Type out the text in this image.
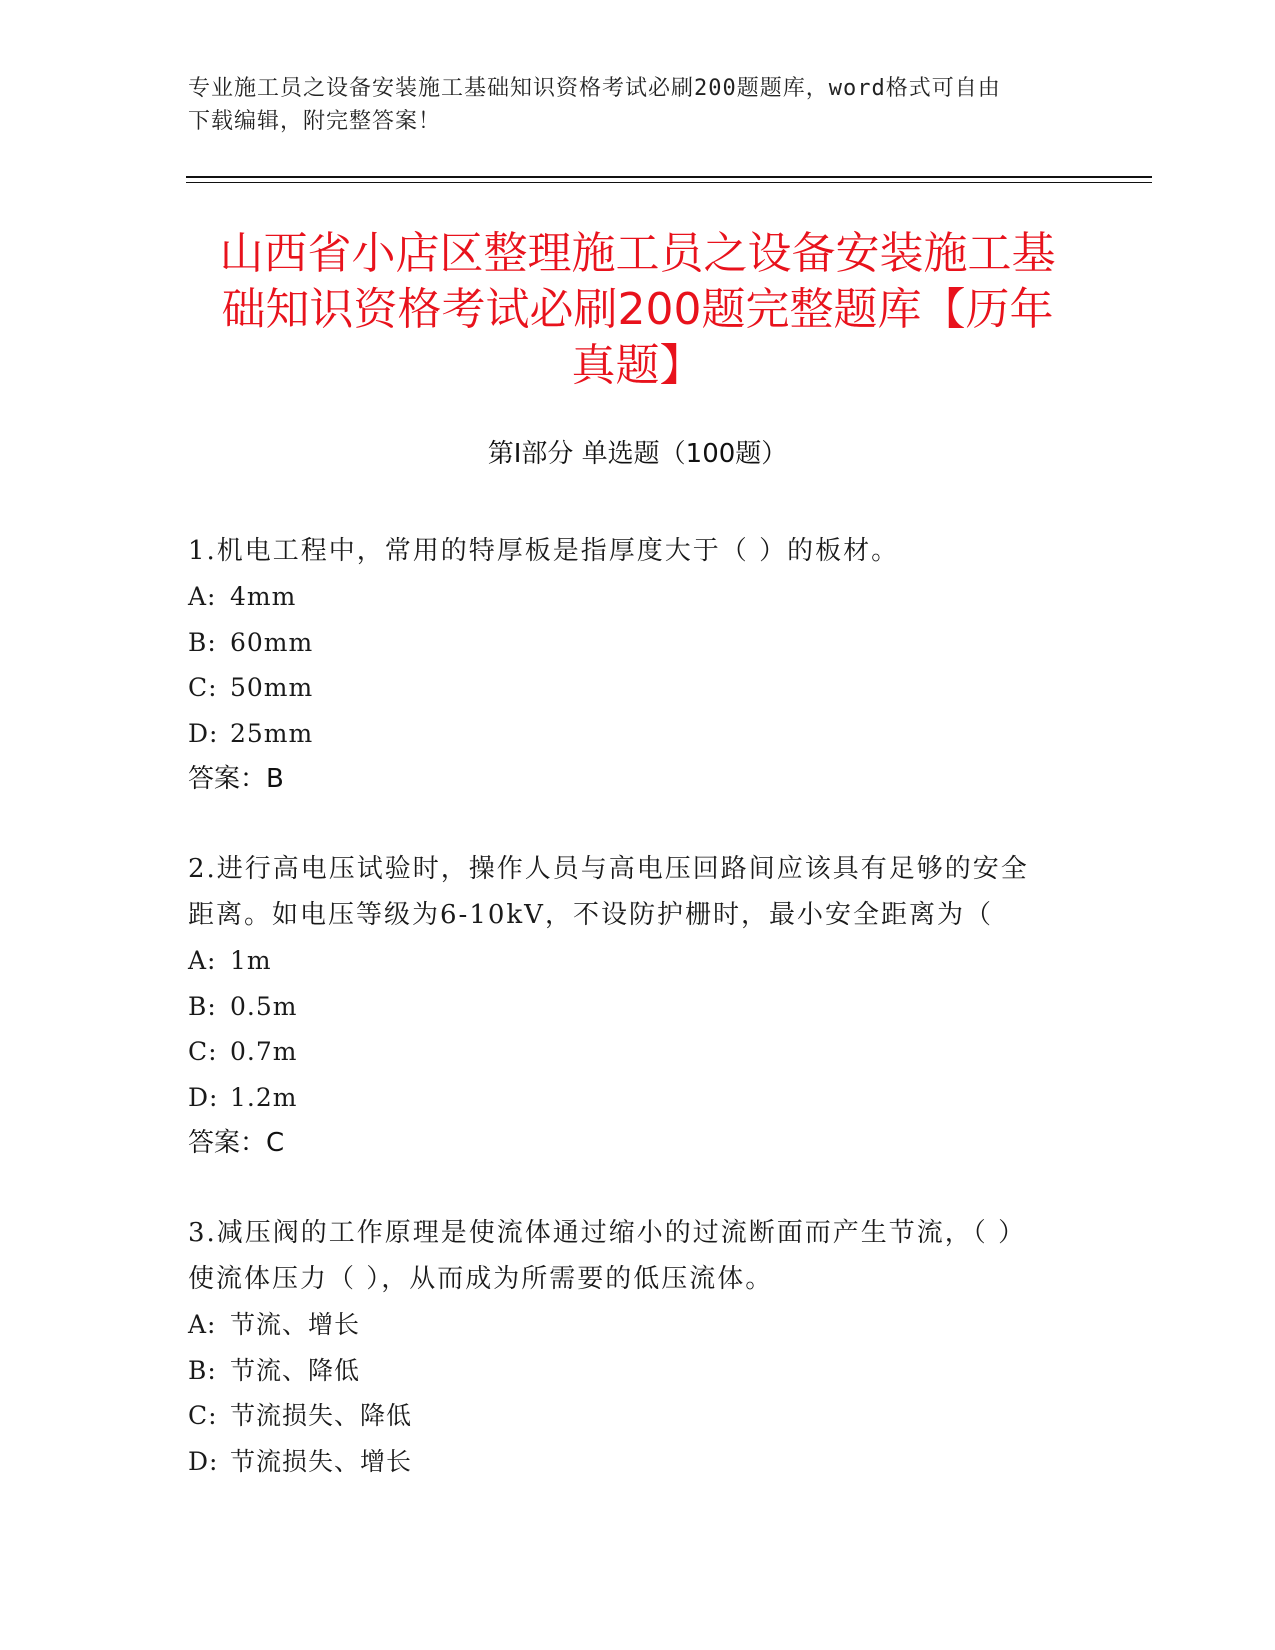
专业施工员之设备安装施工基础知识资格考试必刷200题题库，word格式可自由
下载编辑，附完整答案！
山西省小店区整理施工员之设备安装施工基
础知识资格考试必刷200题完整题库【历年
真题】
第Ⅰ部分 单选题（100题）
1.机电工程中，常用的特厚板是指厚度大于（ ）的板材。
A: 4mm
B: 60mm
C: 50mm
D: 25mm
答案：B
2.进行高电压试验时，操作人员与高电压回路间应该具有足够的安全
距离。如电压等级为6-10kV，不设防护栅时，最小安全距离为（
A: 1m
B: 0.5m
C: 0.7m
D: 1.2m
答案：C
3.减压阀的工作原理是使流体通过缩小的过流断面而产生节流，（ ）
使流体压力（ ），从而成为所需要的低压流体。
A: 节流、增长
B: 节流、降低
C: 节流损失、降低
D: 节流损失、增长
